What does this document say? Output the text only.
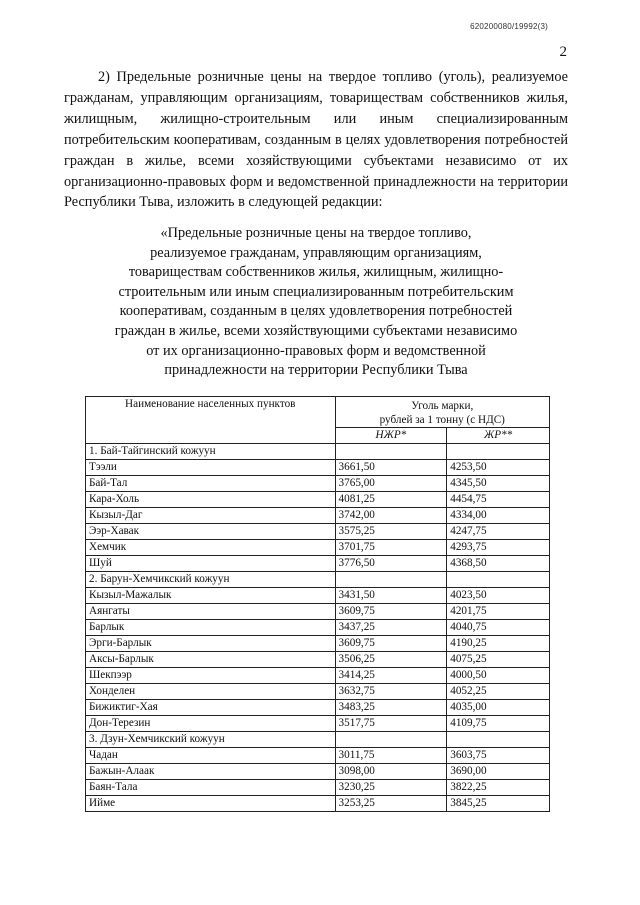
620200080/19992(3)
2

2) Предельные розничные цены на твердое топливо (уголь), реализуемое гражданам, управляющим организациям, товариществам собственников жилья, жилищным, жилищно-строительным или иным специализированным потребительским кооперативам, созданным в целях удовлетворения потребностей граждан в жилье, всеми хозяйствующими субъектами независимо от их организационно-правовых форм и ведомственной принадлежности на территории Республики Тыва, изложить в следующей редакции:

«Предельные розничные цены на твердое топливо,
реализуемое гражданам, управляющим организациям,
товариществам собственников жилья, жилищным, жилищно-
строительным или иным специализированным потребительским
кооперативам, созданным в целях удовлетворения потребностей
граждан в жилье, всеми хозяйствующими субъектами независимо
от их организационно-правовых форм и ведомственной
принадлежности на территории Республики Тыва
Наименование населенных пунктов	Уголь марки,
рублей за 1 тонну (с НДС)	
	НЖР*	ЖР**
1. Бай-Тайгинский кожуун		
Тээли	3661,50	4253,50
Бай-Тал	3765,00	4345,50
Кара-Холь	4081,25	4454,75
Кызыл-Даг	3742,00	4334,00
Ээр-Хавак	3575,25	4247,75
Хемчик	3701,75	4293,75
Шуй	3776,50	4368,50
2. Барун-Хемчикский кожуун		
Кызыл-Мажалык	3431,50	4023,50
Аянгаты	3609,75	4201,75
Барлык	3437,25	4040,75
Эрги-Барлык	3609,75	4190,25
Аксы-Барлык	3506,25	4075,25
Шекпээр	3414,25	4000,50
Хонделен	3632,75	4052,25
Бижиктиг-Хая	3483,25	4035,00
Дон-Терезин	3517,75	4109,75
3. Дзун-Хемчикский кожуун		
Чадан	3011,75	3603,75
Бажын-Алаак	3098,00	3690,00
Баян-Тала	3230,25	3822,25
Ийме	3253,25	3845,25
